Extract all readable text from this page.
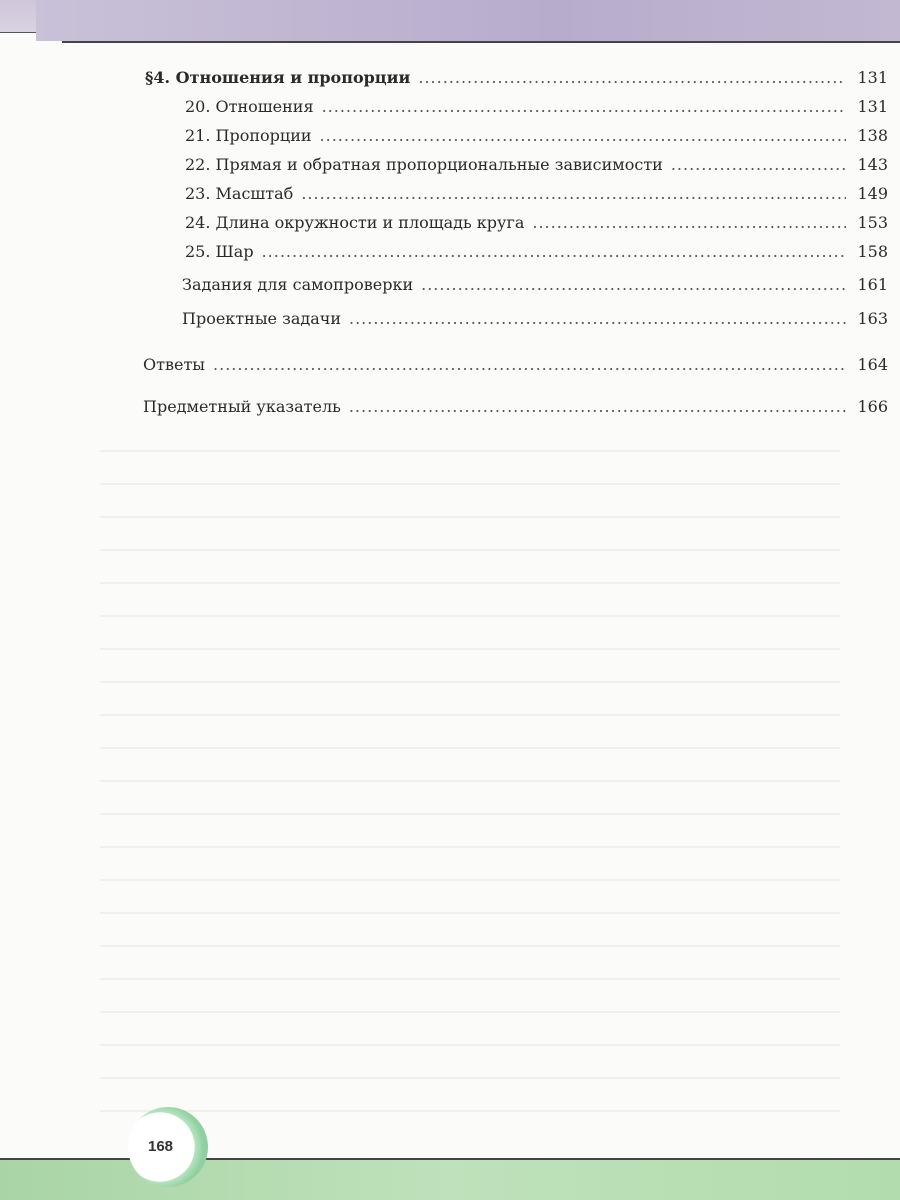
§4. Отношения и пропорции .....	131
20. Отношения .....	131
21. Пропорции .....	138
22. Прямая и обратная пропорциональные зависимости .....	143
23. Масштаб .....	149
24. Длина окружности и площадь круга .....	153
25. Шар .....	158
Задания для самопроверки .....	161
Проектные задачи .....	163
Ответы .....	164
Предметный указатель .....	166
168
